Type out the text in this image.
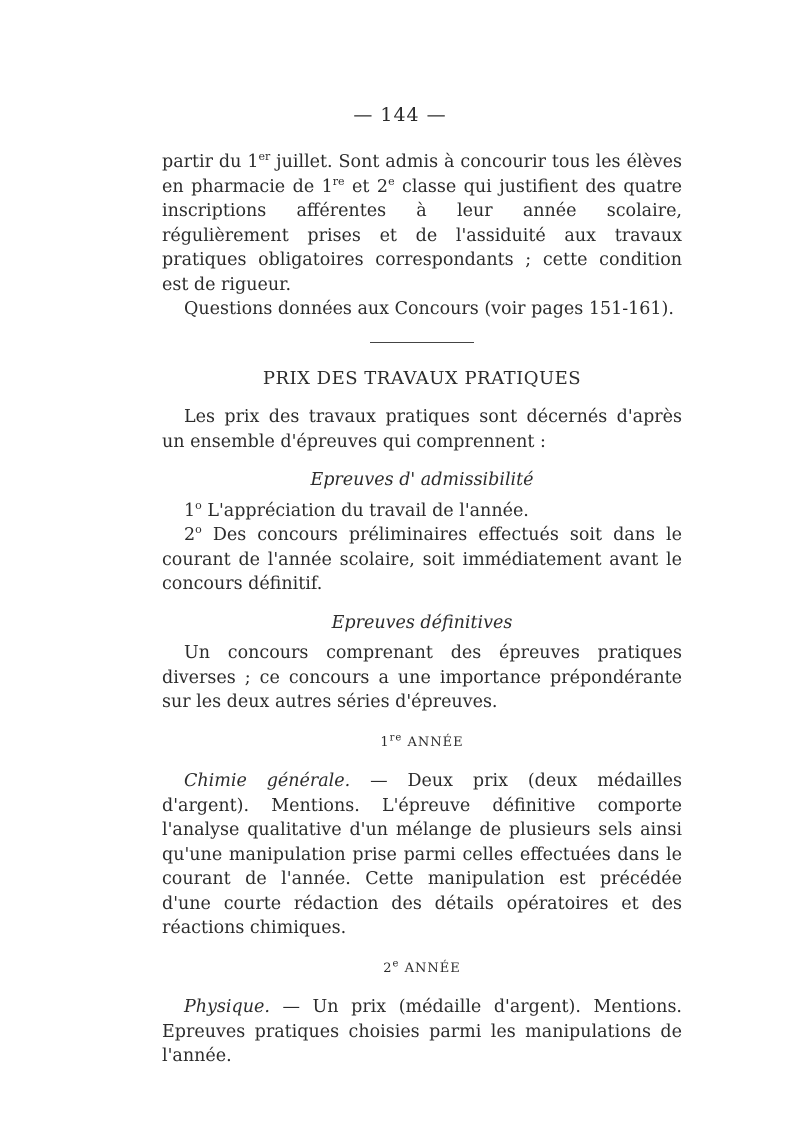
— 144 —

partir du 1er juillet. Sont admis à concourir tous les élèves en pharmacie de 1re et 2e classe qui justifient des quatre inscriptions afférentes à leur année scolaire, régulièrement prises et de l'assiduité aux travaux pratiques obligatoires correspondants ; cette condition est de rigueur.

Questions données aux Concours (voir pages 151-161).

PRIX DES TRAVAUX PRATIQUES

Les prix des travaux pratiques sont décernés d'après un ensemble d'épreuves qui comprennent :

Epreuves d' admissibilité

1$^o$ L'appréciation du travail de l'année.

2$^o$ Des concours préliminaires effectués soit dans le courant de l'année scolaire, soit immédiatement avant le concours définitif.

Epreuves définitives

Un concours comprenant des épreuves pratiques diverses ; ce concours a une importance prépondérante sur les deux autres séries d'épreuves.

1re ANNÉE

Chimie générale. — Deux prix (deux médailles d'argent). Mentions. L'épreuve définitive comporte l'analyse qualitative d'un mélange de plusieurs sels ainsi qu'une manipulation prise parmi celles effectuées dans le courant de l'année. Cette manipulation est précédée d'une courte rédaction des détails opératoires et des réactions chimiques.

2e ANNÉE

Physique. — Un prix (médaille d'argent). Mentions. Epreuves pratiques choisies parmi les manipulations de l'année.
